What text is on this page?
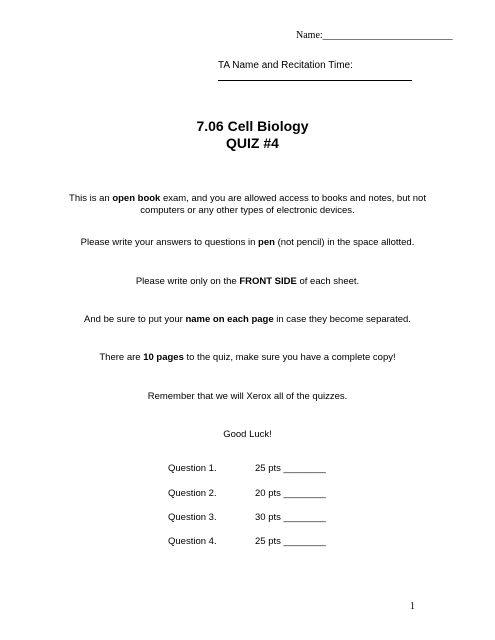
Name:__________________________
TA Name and Recitation Time:
7.06 Cell Biology
QUIZ #4
This is an open book exam, and you are allowed access to books and notes, but not computers or any other types of electronic devices.
Please write your answers to questions in pen (not pencil) in the space allotted.
Please write only on the FRONT SIDE of each sheet.
And be sure to put your name on each page in case they become separated.
There are 10 pages to the quiz, make sure you have a complete copy!
Remember that we will Xerox all of the quizzes.
Good Luck!
Question 1.	25 pts ________
Question 2.	20 pts ________
Question 3.	30 pts ________
Question 4.	25 pts ________
1
